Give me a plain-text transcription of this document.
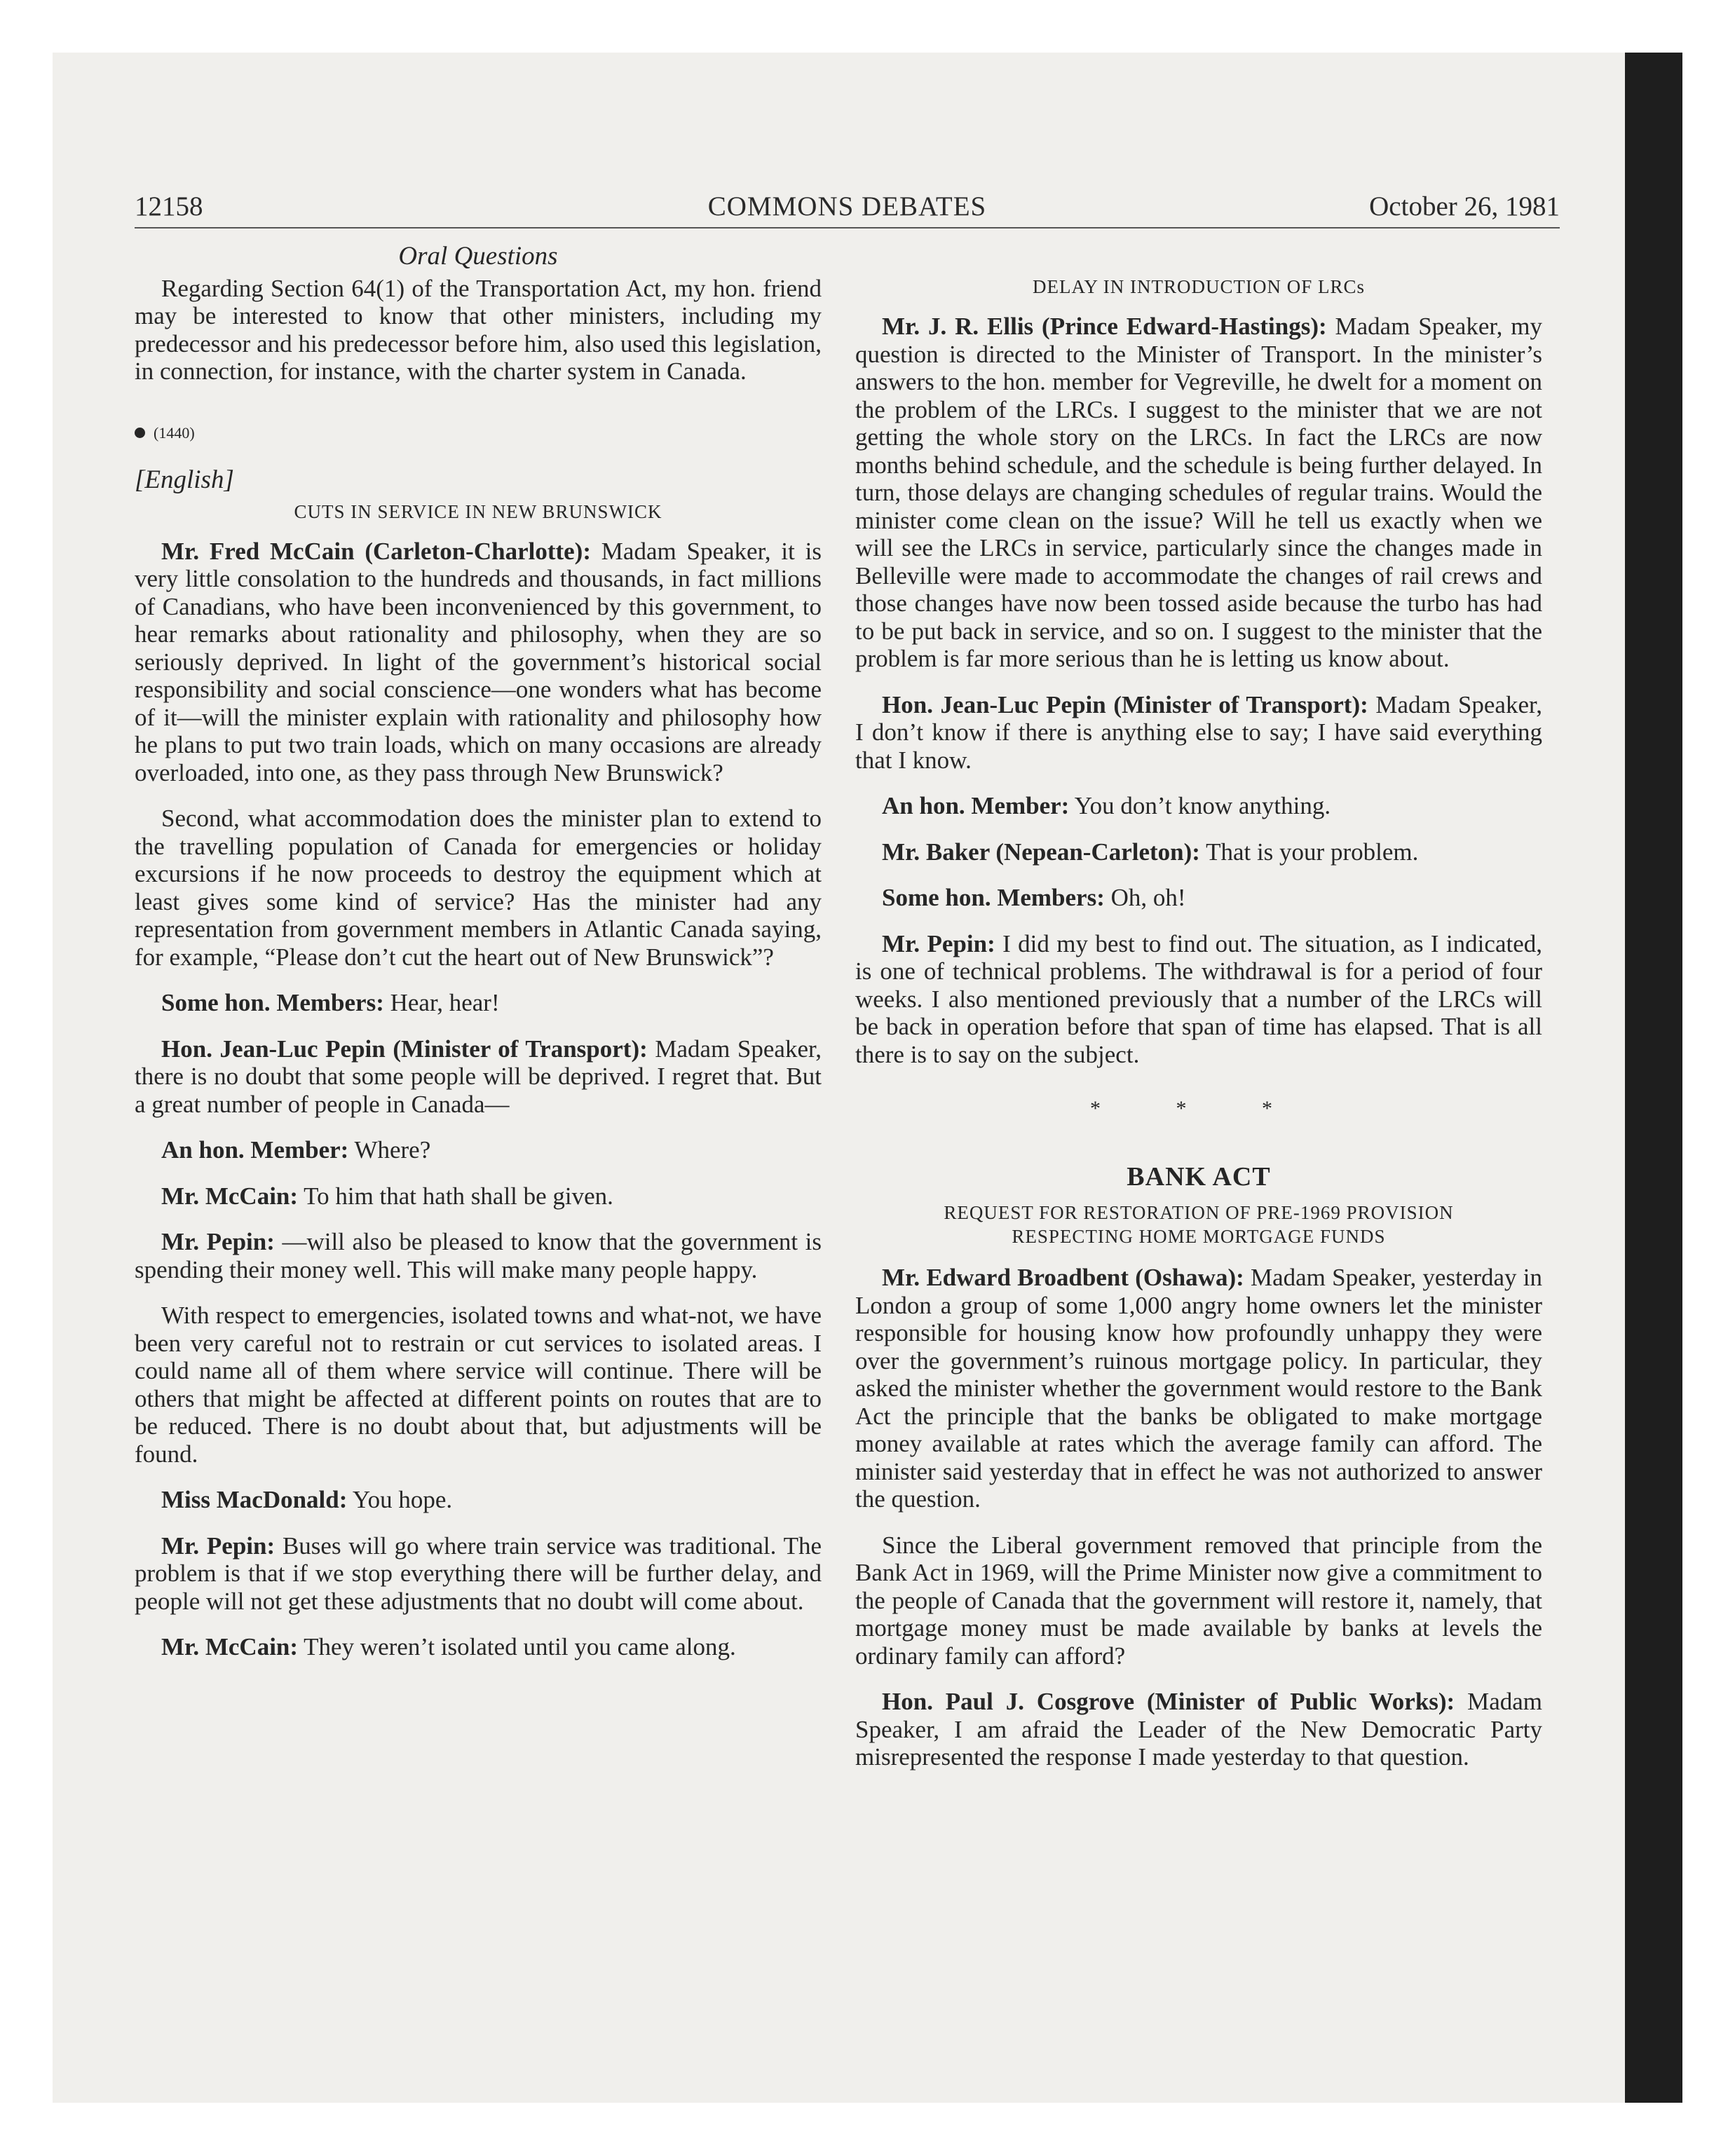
12158	COMMONS DEBATES	October 26, 1981
Oral Questions

Regarding Section 64(1) of the Transportation Act, my hon. friend may be interested to know that other ministers, including my predecessor and his predecessor before him, also used this legislation, in connection, for instance, with the charter system in Canada.

(1440)
[English]
CUTS IN SERVICE IN NEW BRUNSWICK

Mr. Fred McCain (Carleton-Charlotte): Madam Speaker, it is very little consolation to the hundreds and thousands, in fact millions of Canadians, who have been inconvenienced by this government, to hear remarks about rationality and philosophy, when they are so seriously deprived. In light of the government’s historical social responsibility and social conscience—one wonders what has become of it—will the minister explain with rationality and philosophy how he plans to put two train loads, which on many occasions are already overloaded, into one, as they pass through New Brunswick?

Second, what accommodation does the minister plan to extend to the travelling population of Canada for emergencies or holiday excursions if he now proceeds to destroy the equipment which at least gives some kind of service? Has the minister had any representation from government members in Atlantic Canada saying, for example, “Please don’t cut the heart out of New Brunswick”?

Some hon. Members: Hear, hear!

Hon. Jean-Luc Pepin (Minister of Transport): Madam Speaker, there is no doubt that some people will be deprived. I regret that. But a great number of people in Canada—

An hon. Member: Where?

Mr. McCain: To him that hath shall be given.

Mr. Pepin: —will also be pleased to know that the government is spending their money well. This will make many people happy.

With respect to emergencies, isolated towns and what-not, we have been very careful not to restrain or cut services to isolated areas. I could name all of them where service will continue. There will be others that might be affected at different points on routes that are to be reduced. There is no doubt about that, but adjustments will be found.

Miss MacDonald: You hope.

Mr. Pepin: Buses will go where train service was traditional. The problem is that if we stop everything there will be further delay, and people will not get these adjustments that no doubt will come about.

Mr. McCain: They weren’t isolated until you came along.

DELAY IN INTRODUCTION OF LRCs

Mr. J. R. Ellis (Prince Edward-Hastings): Madam Speaker, my question is directed to the Minister of Transport. In the minister’s answers to the hon. member for Vegreville, he dwelt for a moment on the problem of the LRCs. I suggest to the minister that we are not getting the whole story on the LRCs. In fact the LRCs are now months behind schedule, and the schedule is being further delayed. In turn, those delays are changing schedules of regular trains. Would the minister come clean on the issue? Will he tell us exactly when we will see the LRCs in service, particularly since the changes made in Belleville were made to accommodate the changes of rail crews and those changes have now been tossed aside because the turbo has had to be put back in service, and so on. I suggest to the minister that the problem is far more serious than he is letting us know about.

Hon. Jean-Luc Pepin (Minister of Transport): Madam Speaker, I don’t know if there is anything else to say; I have said everything that I know.

An hon. Member: You don’t know anything.

Mr. Baker (Nepean-Carleton): That is your problem.

Some hon. Members: Oh, oh!

Mr. Pepin: I did my best to find out. The situation, as I indicated, is one of technical problems. The withdrawal is for a period of four weeks. I also mentioned previously that a number of the LRCs will be back in operation before that span of time has elapsed. That is all there is to say on the subject.

* * *
BANK ACT
REQUEST FOR RESTORATION OF PRE-1969 PROVISION
RESPECTING HOME MORTGAGE FUNDS

Mr. Edward Broadbent (Oshawa): Madam Speaker, yesterday in London a group of some 1,000 angry home owners let the minister responsible for housing know how profoundly unhappy they were over the government’s ruinous mortgage policy. In particular, they asked the minister whether the government would restore to the Bank Act the principle that the banks be obligated to make mortgage money available at rates which the average family can afford. The minister said yesterday that in effect he was not authorized to answer the question.

Since the Liberal government removed that principle from the Bank Act in 1969, will the Prime Minister now give a commitment to the people of Canada that the government will restore it, namely, that mortgage money must be made available by banks at levels the ordinary family can afford?

Hon. Paul J. Cosgrove (Minister of Public Works): Madam Speaker, I am afraid the Leader of the New Democratic Party misrepresented the response I made yesterday to that question.
